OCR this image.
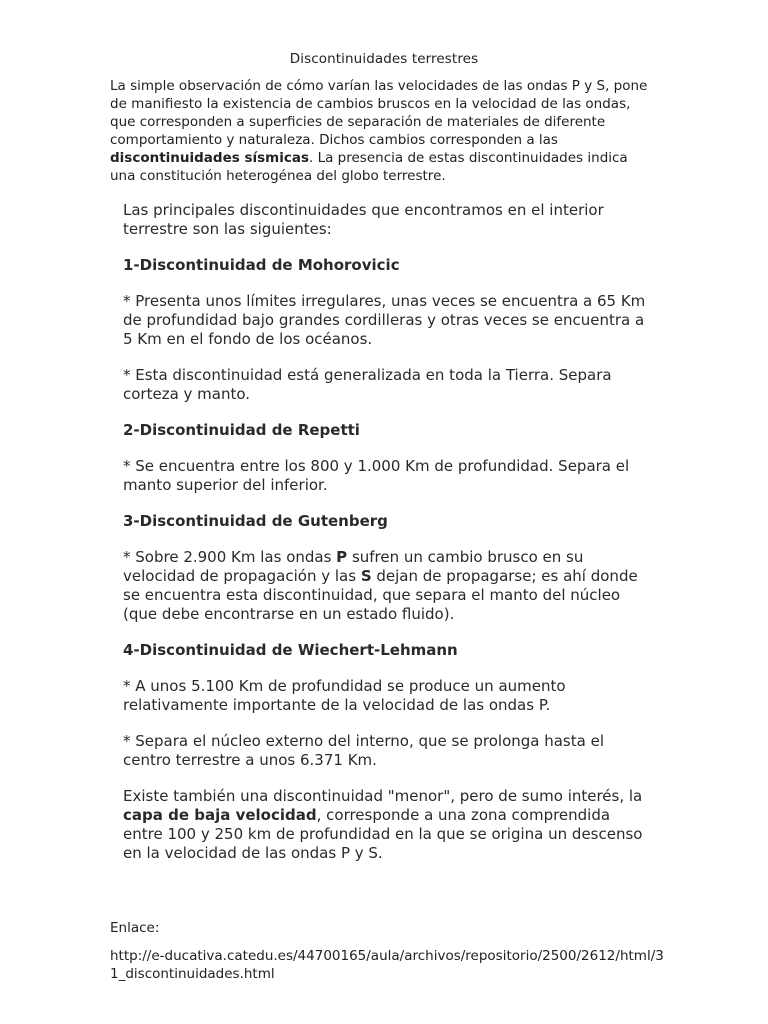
Discontinuidades terrestres
La simple observación de cómo varían las velocidades de las ondas P y S, pone de manifiesto la existencia de cambios bruscos en la velocidad de las ondas, que corresponden a superficies de separación de materiales de diferente comportamiento y naturaleza. Dichos cambios corresponden a las discontinuidades sísmicas. La presencia de estas discontinuidades indica una constitución heterogénea del globo terrestre.

Las principales discontinuidades que encontramos en el interior terrestre son las siguientes:

1-Discontinuidad de Mohorovicic

* Presenta unos límites irregulares, unas veces se encuentra a 65 Km de profundidad bajo grandes cordilleras y otras veces se encuentra a 5 Km en el fondo de los océanos.

* Esta discontinuidad está generalizada en toda la Tierra. Separa corteza y manto.

2-Discontinuidad de Repetti

* Se encuentra entre los 800 y 1.000 Km de profundidad. Separa el manto superior del inferior.

3-Discontinuidad de Gutenberg

* Sobre 2.900 Km las ondas P sufren un cambio brusco en su velocidad de propagación y las S dejan de propagarse; es ahí donde se encuentra esta discontinuidad, que separa el manto del núcleo (que debe encontrarse en un estado fluido).

4-Discontinuidad de Wiechert-Lehmann

* A unos 5.100 Km de profundidad se produce un aumento relativamente importante de la velocidad de las ondas P.

* Separa el núcleo externo del interno, que se prolonga hasta el centro terrestre a unos 6.371 Km.

Existe también una discontinuidad "menor", pero de sumo interés, la capa de baja velocidad, corresponde a una zona comprendida entre 100 y 250 km de profundidad en la que se origina un descenso en la velocidad de las ondas P y S.

Enlace:
http://e-ducativa.catedu.es/44700165/aula/archivos/repositorio/2500/2612/html/31_discontinuidades.html
